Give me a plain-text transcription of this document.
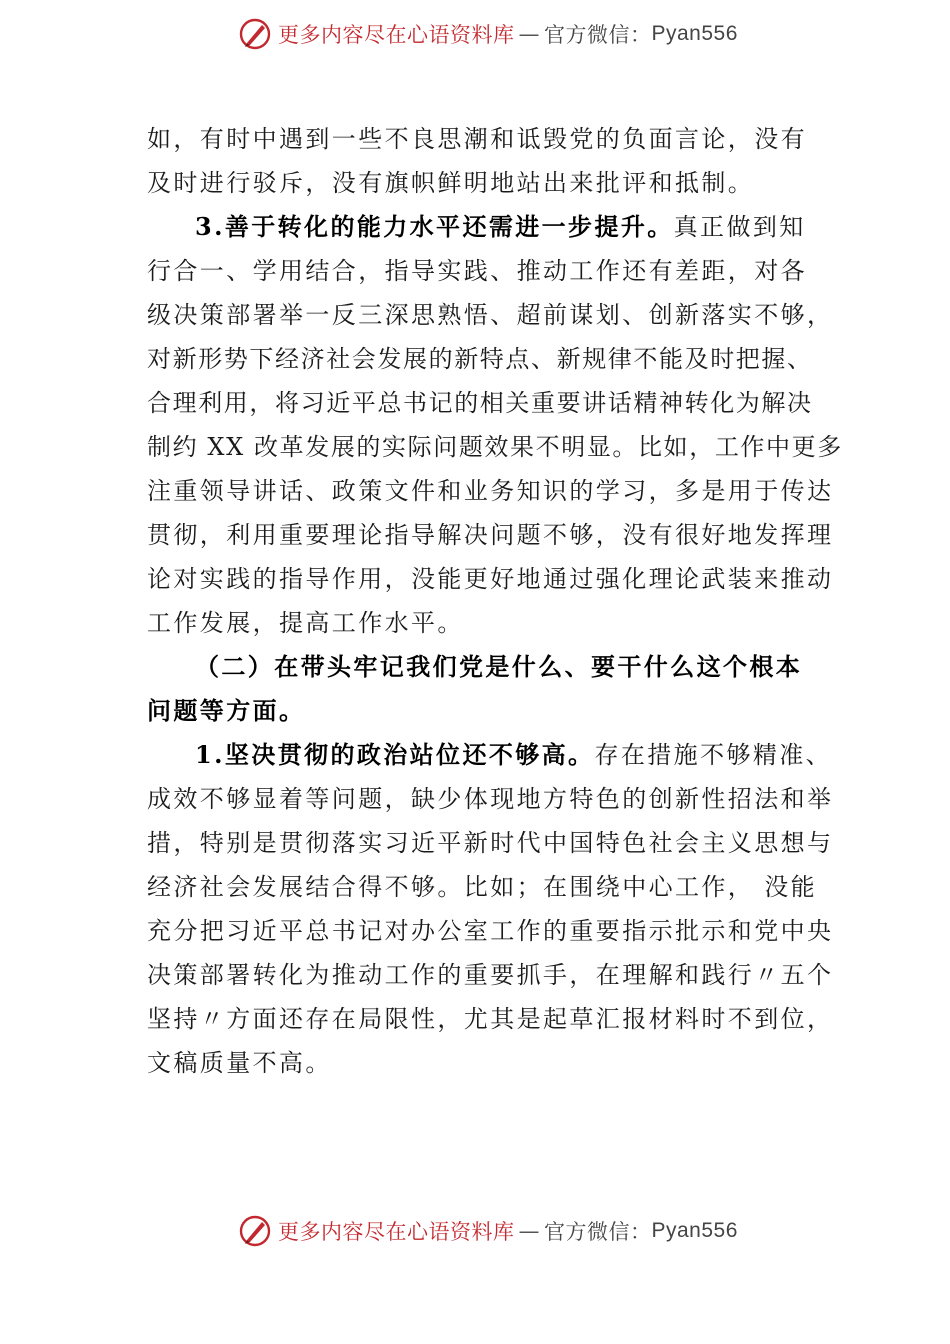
更多内容尽在心语资料库 — 官方微信： Pyan556
如，有时中遇到一些不良思潮和诋毁党的负面言论，没有
及时进行驳斥，没有旗帜鲜明地站出来批评和抵制。
3.善于转化的能力水平还需进一步提升。真正做到知
行合一、学用结合，指导实践、推动工作还有差距，对各
级决策部署举一反三深思熟悟、超前谋划、创新落实不够，
对新形势下经济社会发展的新特点、新规律不能及时把握、
合理利用，将习近平总书记的相关重要讲话精神转化为解决
制约 XX 改革发展的实际问题效果不明显。比如，工作中更多
注重领导讲话、政策文件和业务知识的学习，多是用于传达
贯彻，利用重要理论指导解决问题不够，没有很好地发挥理
论对实践的指导作用，没能更好地通过强化理论武装来推动
工作发展，提高工作水平。
（二）在带头牢记我们党是什么、要干什么这个根本
问题等方面。
1.坚决贯彻的政治站位还不够高。存在措施不够精准、
成效不够显着等问题，缺少体现地方特色的创新性招法和举
措，特别是贯彻落实习近平新时代中国特色社会主义思想与
经济社会发展结合得不够。比如；在围绕中心工作， 没能
充分把习近平总书记对办公室工作的重要指示批示和党中央
决策部署转化为推动工作的重要抓手，在理解和践行〃五个
坚持〃方面还存在局限性，尤其是起草汇报材料时不到位，
文稿质量不高。
更多内容尽在心语资料库 — 官方微信： Pyan556
